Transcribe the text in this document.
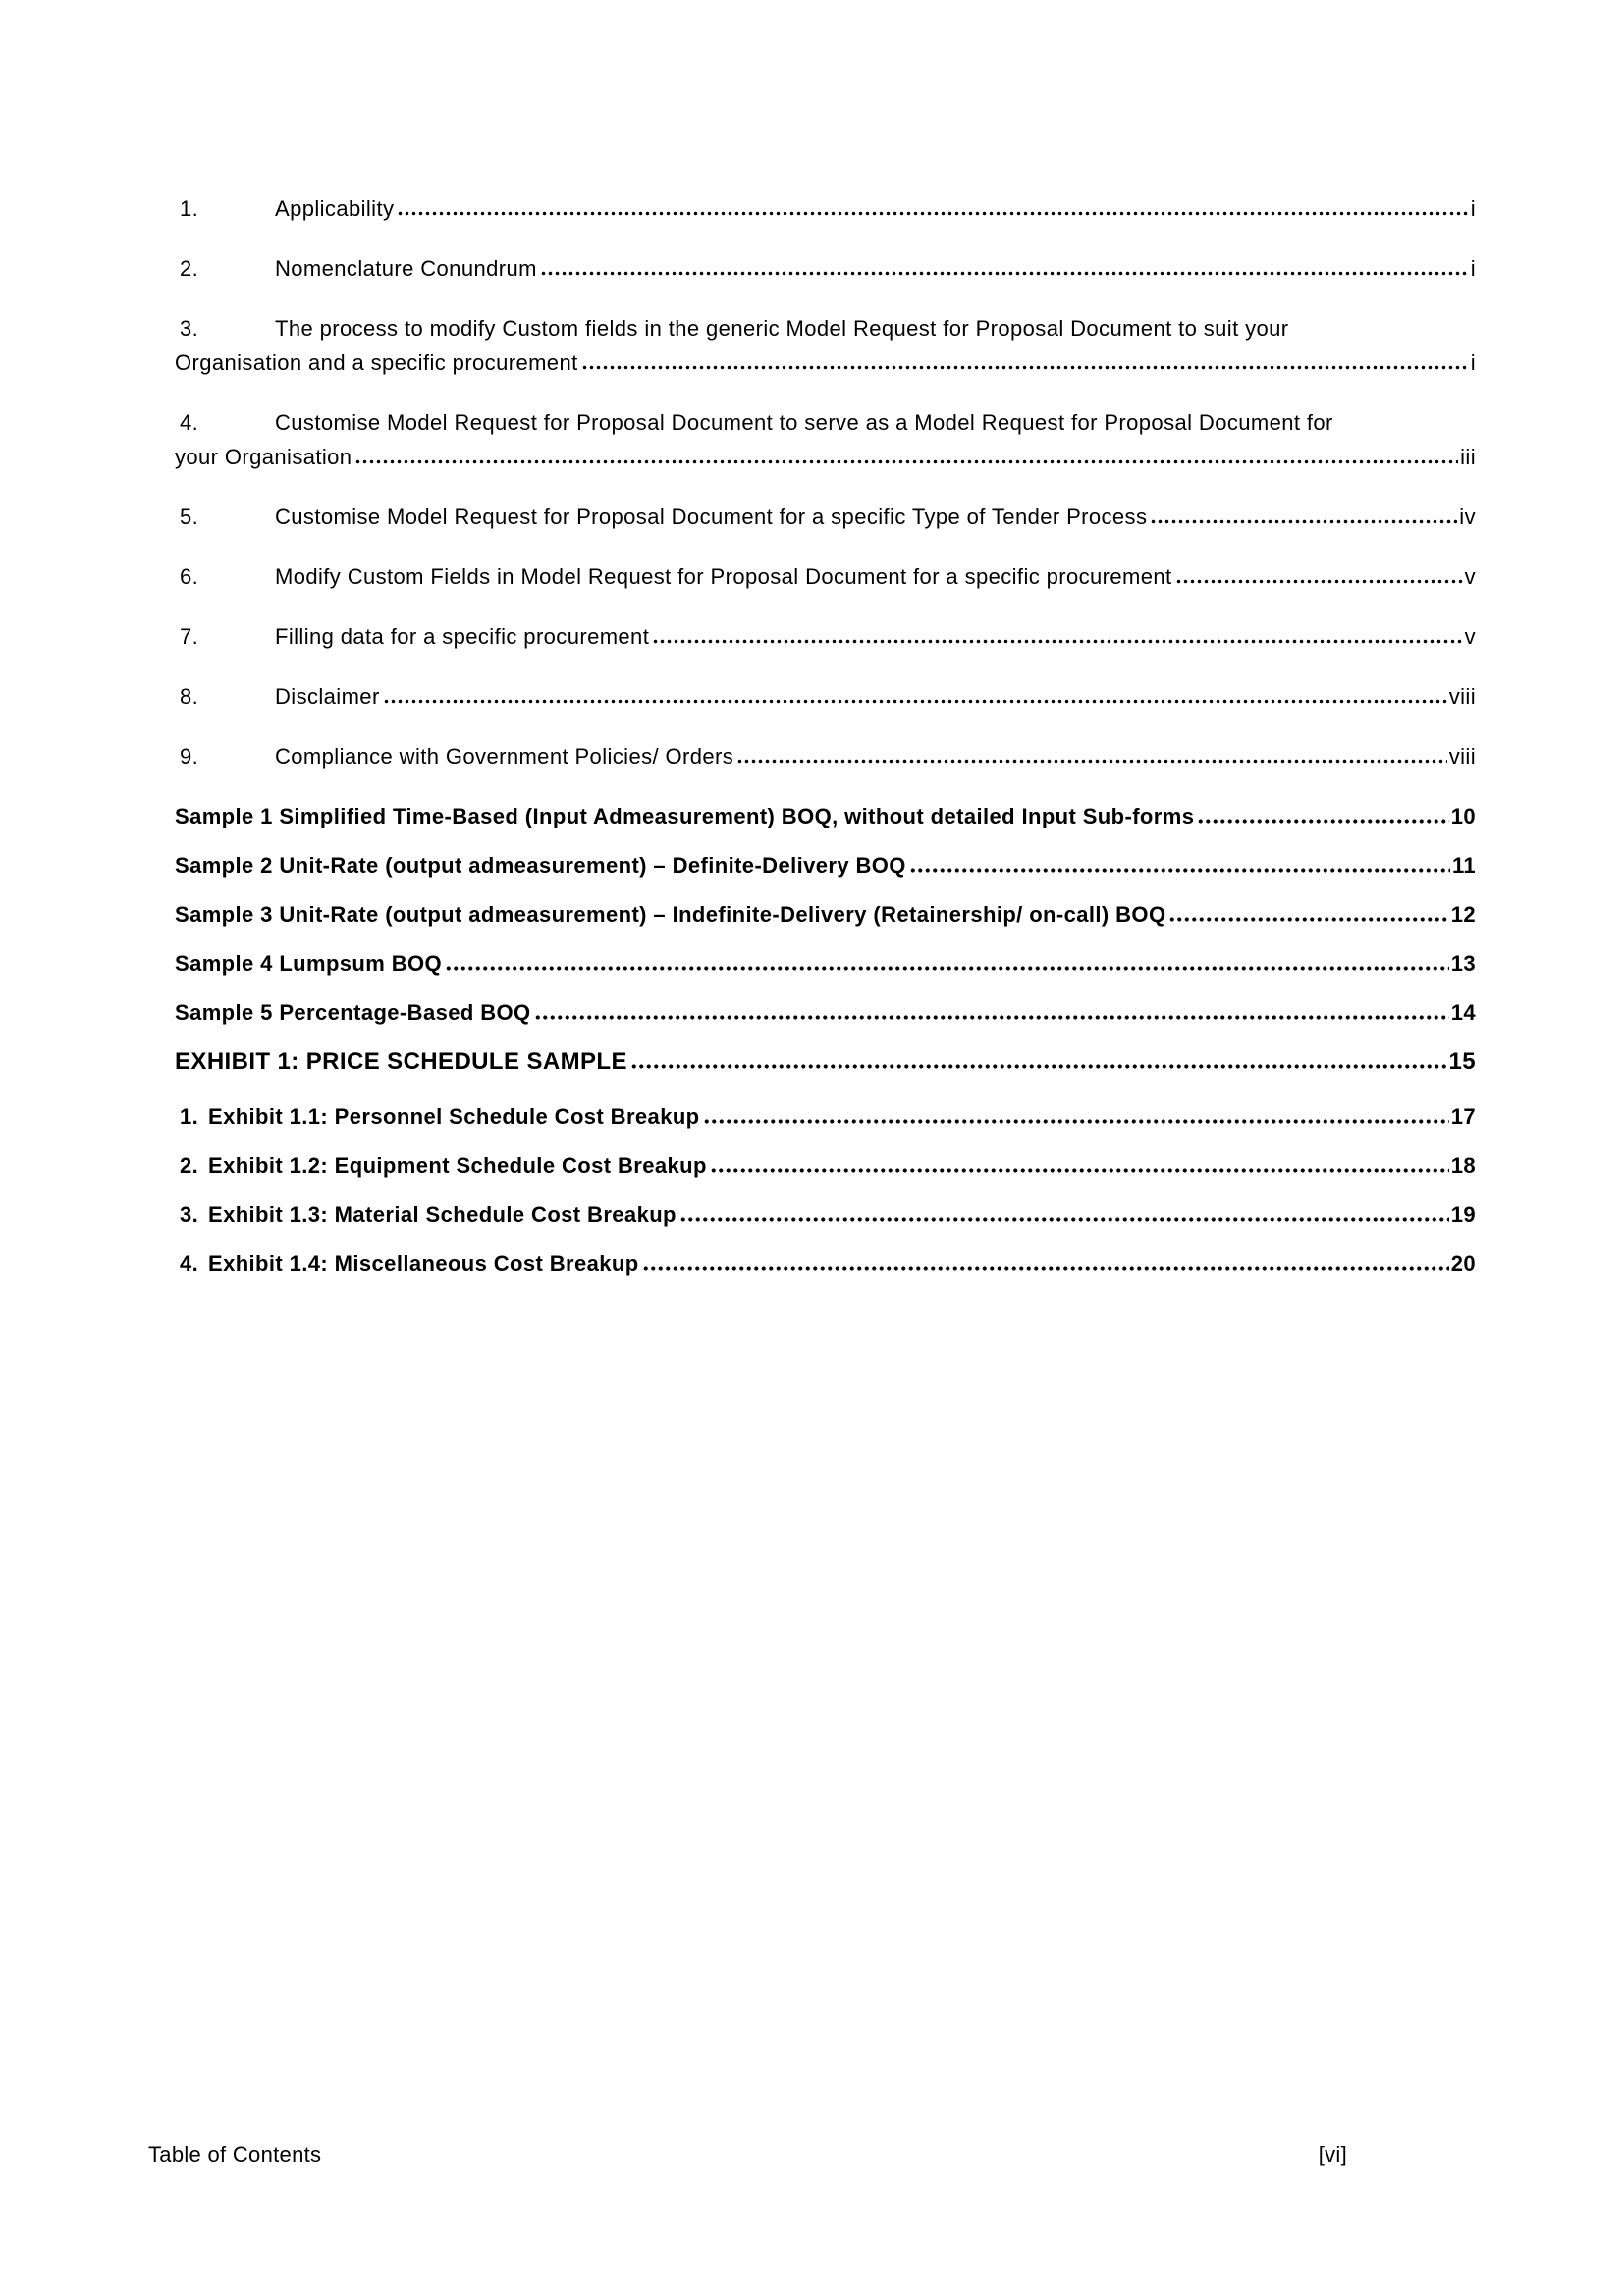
1.	Applicability	i
2.	Nomenclature Conundrum	i
3.	The process to modify Custom fields in the generic Model Request for Proposal Document to suit your
Organisation and a specific procurement	i
4.	Customise Model Request for Proposal Document to serve as a Model Request for Proposal Document for
your Organisation	iii
5.	Customise Model Request for Proposal Document for a specific Type of Tender Process	iv
6.	Modify Custom Fields in Model Request for Proposal Document for a specific procurement	v
7.	Filling data for a specific procurement	v
8.	Disclaimer	viii
9.	Compliance with Government Policies/ Orders	viii
Sample 1 Simplified Time-Based (Input Admeasurement) BOQ, without detailed Input Sub-forms	10
Sample 2 Unit-Rate (output admeasurement) – Definite-Delivery BOQ	11
Sample 3 Unit-Rate (output admeasurement) – Indefinite-Delivery (Retainership/ on-call) BOQ	12
Sample 4 Lumpsum BOQ	13
Sample 5 Percentage-Based BOQ	14
EXHIBIT 1: PRICE SCHEDULE SAMPLE	15
1. Exhibit 1.1: Personnel Schedule Cost Breakup	17
2. Exhibit 1.2: Equipment Schedule Cost Breakup	18
3. Exhibit 1.3: Material Schedule Cost Breakup	19
4. Exhibit 1.4: Miscellaneous Cost Breakup	20
Table of Contents	[vi]
